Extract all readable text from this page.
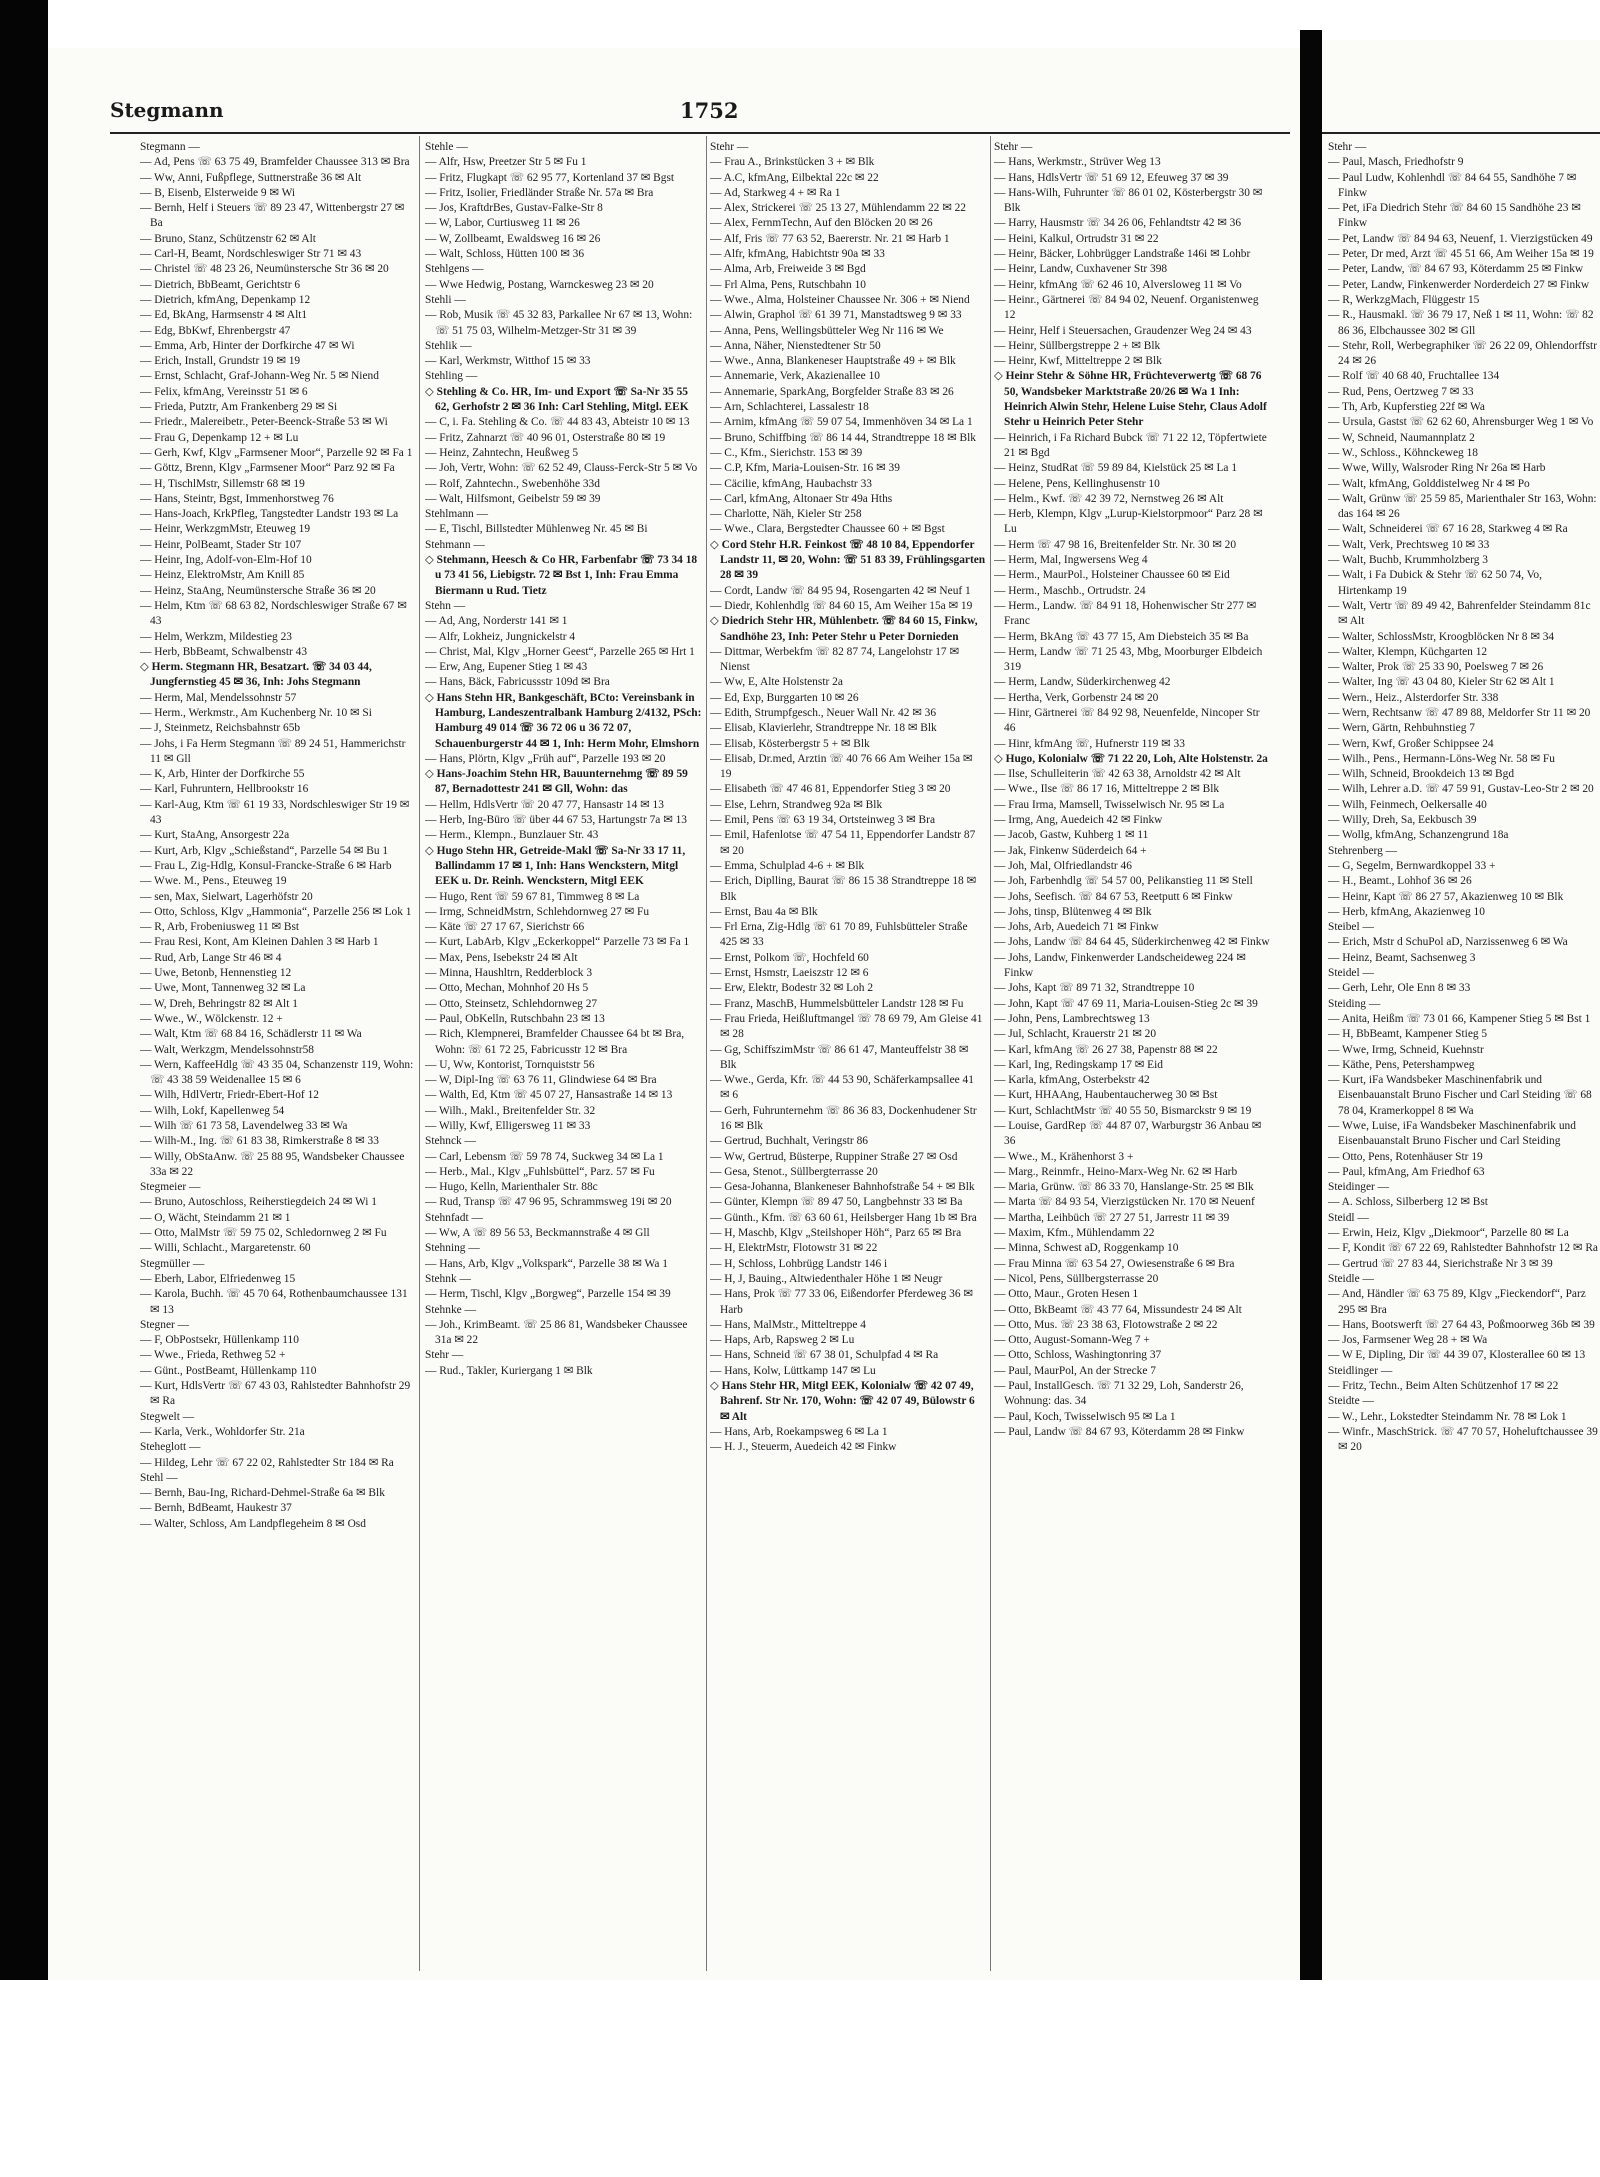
Stehr —
— Paul, Masch, Friedhofstr 9
— Paul Ludw, Kohlenhdl ☏ 84 64 55, Sandhöhe 7 ✉ Finkw
— Pet, iFa Diedrich Stehr ☏ 84 60 15 Sandhöhe 23 ✉ Finkw
— Pet, Landw ☏ 84 94 63, Neuenf, 1. Vierzigstücken 49
— Peter, Dr med, Arzt ☏ 45 51 66, Am Weiher 15a ✉ 19
— Peter, Landw, ☏ 84 67 93, Köterdamm 25 ✉ Finkw
— Peter, Landw, Finkenwerder Norderdeich 27 ✉ Finkw
— R, WerkzgMach, Flüggestr 15
— R., Hausmakl. ☏ 36 79 17, Neß 1 ✉ 11, Wohn: ☏ 82 86 36, Elbchaussee 302 ✉ Gll
— Stehr, Roll, Werbegraphiker ☏ 26 22 09, Ohlendorffstr 24 ✉ 26
— Rolf ☏ 40 68 40, Fruchtallee 134
— Rud, Pens, Oertzweg 7 ✉ 33
— Th, Arb, Kupferstieg 22f ✉ Wa
— Ursula, Gastst ☏ 62 62 60, Ahrensburger Weg 1 ✉ Vo
— W, Schneid, Naumannplatz 2
— W., Schloss., Köhnckeweg 18
— Wwe, Willy, Walsroder Ring Nr 26a ✉ Harb
— Walt, kfmAng, Golddistelweg Nr 4 ✉ Po
— Walt, Grünw ☏ 25 59 85, Marienthaler Str 163, Wohn: das 164 ✉ 26
— Walt, Schneiderei ☏ 67 16 28, Starkweg 4 ✉ Ra
— Walt, Verk, Prechtsweg 10 ✉ 33
— Walt, Buchb, Krummholzberg 3
— Walt, i Fa Dubick & Stehr ☏ 62 50 74, Vo, Hirtenkamp 19
— Walt, Vertr ☏ 89 49 42, Bahrenfelder Steindamm 81c ✉ Alt
— Walter, SchlossMstr, Kroogblöcken Nr 8 ✉ 34
— Walter, Klempn, Küchgarten 12
— Walter, Prok ☏ 25 33 90, Poelsweg 7 ✉ 26
— Walter, Ing ☏ 43 04 80, Kieler Str 62 ✉ Alt 1
— Wern., Heiz., Alsterdorfer Str. 338
— Wern, Rechtsanw ☏ 47 89 88, Meldorfer Str 11 ✉ 20
— Wern, Gärtn, Rehbuhnstieg 7
— Wern, Kwf, Großer Schippsee 24
— Wilh., Pens., Hermann-Löns-Weg Nr. 58 ✉ Fu
— Wilh, Schneid, Brookdeich 13 ✉ Bgd
— Wilh, Lehrer a.D. ☏ 47 59 91, Gustav-Leo-Str 2 ✉ 20
— Wilh, Feinmech, Oelkersalle 40
— Willy, Dreh, Sa, Eekbusch 39
— Wollg, kfmAng, Schanzengrund 18a
Stehrenberg —
— G, Segelm, Bernwardkoppel 33 +
— H., Beamt., Lohhof 36 ✉ 26
— Heinr, Kapt ☏ 86 27 57, Akazienweg 10 ✉ Blk
— Herb, kfmAng, Akazienweg 10
Steibel —
— Erich, Mstr d SchuPol aD, Narzissenweg 6 ✉ Wa
— Heinz, Beamt, Sachsenweg 3
Steidel —
— Gerh, Lehr, Ole Enn 8 ✉ 33
Steiding —
— Anita, Heißm ☏ 73 01 66, Kampener Stieg 5 ✉ Bst 1
— H, BbBeamt, Kampener Stieg 5
— Wwe, Irmg, Schneid, Kuehnstr
— Käthe, Pens, Petershampweg
— Kurt, iFa Wandsbeker Maschinenfabrik und Eisenbauanstalt Bruno Fischer und Carl Steiding ☏ 68 78 04, Kramerkoppel 8 ✉ Wa
— Wwe, Luise, iFa Wandsbeker Maschinenfabrik und Eisenbauanstalt Bruno Fischer und Carl Steiding
— Otto, Pens, Rotenhäuser Str 19
— Paul, kfmAng, Am Friedhof 63
Steidinger —
— A. Schloss, Silberberg 12 ✉ Bst
Steidl —
— Erwin, Heiz, Klgv „Diekmoor“, Parzelle 80 ✉ La
— F, Kondit ☏ 67 22 69, Rahlstedter Bahnhofstr 12 ✉ Ra
— Gertrud ☏ 27 83 44, Sierichstraße Nr 3 ✉ 39
Steidle —
— And, Händler ☏ 63 75 89, Klgv „Fieckendorf“, Parz 295 ✉ Bra
— Hans, Bootswerft ☏ 27 64 43, Poßmoorweg 36b ✉ 39
— Jos, Farmsener Weg 28 + ✉ Wa
— W E, Dipling, Dir ☏ 44 39 07, Klosterallee 60 ✉ 13
Steidlinger —
— Fritz, Techn., Beim Alten Schützenhof 17 ✉ 22
Steidte —
— W., Lehr., Lokstedter Steindamm Nr. 78 ✉ Lok 1
— Winfr., MaschStrick. ☏ 47 70 57, Hoheluftchaussee 39 ✉ 20
Stegmann	1752
Stegmann —
— Ad, Pens ☏ 63 75 49, Bramfelder Chaussee 313 ✉ Bra
— Ww, Anni, Fußpflege, Suttnerstraße 36 ✉ Alt
— B, Eisenb, Elsterweide 9 ✉ Wi
— Bernh, Helf i Steuers ☏ 89 23 47, Wittenbergstr 27 ✉ Ba
— Bruno, Stanz, Schützenstr 62 ✉ Alt
— Carl-H, Beamt, Nordschleswiger Str 71 ✉ 43
— Christel ☏ 48 23 26, Neumünstersche Str 36 ✉ 20
— Dietrich, BbBeamt, Gerichtstr 6
— Dietrich, kfmAng, Depenkamp 12
— Ed, BkAng, Harmsenstr 4 ✉ Alt1
— Edg, BbKwf, Ehrenbergstr 47
— Emma, Arb, Hinter der Dorfkirche 47 ✉ Wi
— Erich, Install, Grundstr 19 ✉ 19
— Ernst, Schlacht, Graf-Johann-Weg Nr. 5 ✉ Niend
— Felix, kfmAng, Vereinsstr 51 ✉ 6
— Frieda, Putztr, Am Frankenberg 29 ✉ Si
— Friedr., Malereibetr., Peter-Beenck-Straße 53 ✉ Wi
— Frau G, Depenkamp 12 + ✉ Lu
— Gerh, Kwf, Klgv „Farmsener Moor“, Parzelle 92 ✉ Fa 1
— Göttz, Brenn, Klgv „Farmsener Moor“ Parz 92 ✉ Fa
— H, TischlMstr, Sillemstr 68 ✉ 19
— Hans, Steintr, Bgst, Immenhorstweg 76
— Hans-Joach, KrkPfleg, Tangstedter Landstr 193 ✉ La
— Heinr, WerkzgmMstr, Eteuweg 19
— Heinr, PolBeamt, Stader Str 107
— Heinr, Ing, Adolf-von-Elm-Hof 10
— Heinz, ElektroMstr, Am Knill 85
— Heinz, StaAng, Neumünstersche Straße 36 ✉ 20
— Helm, Ktm ☏ 68 63 82, Nordschleswiger Straße 67 ✉ 43
— Helm, Werkzm, Mildestieg 23
— Herb, BbBeamt, Schwalbenstr 43
◇ Herm. Stegmann HR, Besatzart. ☏ 34 03 44, Jungfernstieg 45 ✉ 36, Inh: Johs Stegmann
— Herm, Mal, Mendelssohnstr 57
— Herm., Werkmstr., Am Kuchenberg Nr. 10 ✉ Si
— J, Steinmetz, Reichsbahnstr 65b
— Johs, i Fa Herm Stegmann ☏ 89 24 51, Hammerichstr 11 ✉ Gll
— K, Arb, Hinter der Dorfkirche 55
— Karl, Fuhruntern, Hellbrookstr 16
— Karl-Aug, Ktm ☏ 61 19 33, Nordschleswiger Str 19 ✉ 43
— Kurt, StaAng, Ansorgestr 22a
— Kurt, Arb, Klgv „Schießstand“, Parzelle 54 ✉ Bu 1
— Frau L, Zig-Hdlg, Konsul-Francke-Straße 6 ✉ Harb
— Wwe. M., Pens., Eteuweg 19
— sen, Max, Sielwart, Lagerhöfstr 20
— Otto, Schloss, Klgv „Hammonia“, Parzelle 256 ✉ Lok 1
— R, Arb, Frobeniusweg 11 ✉ Bst
— Frau Resi, Kont, Am Kleinen Dahlen 3 ✉ Harb 1
— Rud, Arb, Lange Str 46 ✉ 4
— Uwe, Betonb, Hennenstieg 12
— Uwe, Mont, Tannenweg 32 ✉ La
— W, Dreh, Behringstr 82 ✉ Alt 1
— Wwe., W., Wölckenstr. 12 +
— Walt, Ktm ☏ 68 84 16, Schädlerstr 11 ✉ Wa
— Walt, Werkzgm, Mendelssohnstr58
— Wern, KaffeeHdlg ☏ 43 35 04, Schanzenstr 119, Wohn: ☏ 43 38 59 Weidenallee 15 ✉ 6
— Wilh, HdlVertr, Friedr-Ebert-Hof 12
— Wilh, Lokf, Kapellenweg 54
— Wilh ☏ 61 73 58, Lavendelweg 33 ✉ Wa
— Wilh-M., Ing. ☏ 61 83 38, Rimkerstraße 8 ✉ 33
— Willy, ObStaAnw. ☏ 25 88 95, Wandsbeker Chaussee 33a ✉ 22
Stegmeier —
— Bruno, Autoschloss, Reiherstiegdeich 24 ✉ Wi 1
— O, Wächt, Steindamm 21 ✉ 1
— Otto, MalMstr ☏ 59 75 02, Schledornweg 2 ✉ Fu
— Willi, Schlacht., Margaretenstr. 60
Stegmüller —
— Eberh, Labor, Elfriedenweg 15
— Karola, Buchh. ☏ 45 70 64, Rothenbaumchaussee 131 ✉ 13
Stegner —
— F, ObPostsekr, Hüllenkamp 110
— Wwe., Frieda, Rethweg 52 +
— Günt., PostBeamt, Hüllenkamp 110
— Kurt, HdlsVertr ☏ 67 43 03, Rahlstedter Bahnhofstr 29 ✉ Ra
Stegwelt —
— Karla, Verk., Wohldorfer Str. 21a
Steheglott —
— Hildeg, Lehr ☏ 67 22 02, Rahlstedter Str 184 ✉ Ra
Stehl —
— Bernh, Bau-Ing, Richard-Dehmel-Straße 6a ✉ Blk
— Bernh, BdBeamt, Haukestr 37
— Walter, Schloss, Am Landpflegeheim 8 ✉ Osd
Stehle —
— Alfr, Hsw, Preetzer Str 5 ✉ Fu 1
— Fritz, Flugkapt ☏ 62 95 77, Kortenland 37 ✉ Bgst
— Fritz, Isolier, Friedländer Straße Nr. 57a ✉ Bra
— Jos, KraftdrBes, Gustav-Falke-Str 8
— W, Labor, Curtiusweg 11 ✉ 26
— W, Zollbeamt, Ewaldsweg 16 ✉ 26
— Walt, Schloss, Hütten 100 ✉ 36
Stehlgens —
— Wwe Hedwig, Postang, Warnckesweg 23 ✉ 20
Stehli —
— Rob, Musik ☏ 45 32 83, Parkallee Nr 67 ✉ 13, Wohn: ☏ 51 75 03, Wilhelm-Metzger-Str 31 ✉ 39
Stehlik —
— Karl, Werkmstr, Witthof 15 ✉ 33
Stehling —
◇ Stehling & Co. HR, Im- und Export ☏ Sa-Nr 35 55 62, Gerhofstr 2 ✉ 36 Inh: Carl Stehling, Mitgl. EEK
— C, i. Fa. Stehling & Co. ☏ 44 83 43, Abteistr 10 ✉ 13
— Fritz, Zahnarzt ☏ 40 96 01, Osterstraße 80 ✉ 19
— Heinz, Zahntechn, Heußweg 5
— Joh, Vertr, Wohn: ☏ 62 52 49, Clauss-Ferck-Str 5 ✉ Vo
— Rolf, Zahntechn., Swebenhöhe 33d
— Walt, Hilfsmont, Geibelstr 59 ✉ 39
Stehlmann —
— E, Tischl, Billstedter Mühlenweg Nr. 45 ✉ Bi
Stehmann —
◇ Stehmann, Heesch & Co HR, Farbenfabr ☏ 73 34 18 u 73 41 56, Liebigstr. 72 ✉ Bst 1, Inh: Frau Emma Biermann u Rud. Tietz
Stehn —
— Ad, Ang, Norderstr 141 ✉ 1
— Alfr, Lokheiz, Jungnickelstr 4
— Christ, Mal, Klgv „Horner Geest“, Parzelle 265 ✉ Hrt 1
— Erw, Ang, Eupener Stieg 1 ✉ 43
— Hans, Bäck, Fabricussstr 109d ✉ Bra
◇ Hans Stehn HR, Bankgeschäft, BCto: Vereinsbank in Hamburg, Landeszentralbank Hamburg 2/4132, PSch: Hamburg 49 014 ☏ 36 72 06 u 36 72 07, Schauenburgerstr 44 ✉ 1, Inh: Herm Mohr, Elmshorn
— Hans, Plörtn, Klgv „Früh auf“, Parzelle 193 ✉ 20
◇ Hans-Joachim Stehn HR, Bauunternehmg ☏ 89 59 87, Bernadottestr 241 ✉ Gll, Wohn: das
— Hellm, HdlsVertr ☏ 20 47 77, Hansastr 14 ✉ 13
— Herb, Ing-Büro ☏ über 44 67 53, Hartungstr 7a ✉ 13
— Herm., Klempn., Bunzlauer Str. 43
◇ Hugo Stehn HR, Getreide-Makl ☏ Sa-Nr 33 17 11, Ballindamm 17 ✉ 1, Inh: Hans Wenckstern, Mitgl EEK u. Dr. Reinh. Wenckstern, Mitgl EEK
— Hugo, Rent ☏ 59 67 81, Timmweg 8 ✉ La
— Irmg, SchneidMstrn, Schlehdornweg 27 ✉ Fu
— Käte ☏ 27 17 67, Sierichstr 66
— Kurt, LabArb, Klgv „Eckerkoppel“ Parzelle 73 ✉ Fa 1
— Max, Pens, Isebekstr 24 ✉ Alt
— Minna, Haushltrn, Redderblock 3
— Otto, Mechan, Mohnhof 20 Hs 5
— Otto, Steinsetz, Schlehdornweg 27
— Paul, ObKelln, Rutschbahn 23 ✉ 13
— Rich, Klempnerei, Bramfelder Chaussee 64 bt ✉ Bra, Wohn: ☏ 61 72 25, Fabricusstr 12 ✉ Bra
— U, Ww, Kontorist, Tornquiststr 56
— W, Dipl-Ing ☏ 63 76 11, Glindwiese 64 ✉ Bra
— Walth, Ed, Ktm ☏ 45 07 27, Hansastraße 14 ✉ 13
— Wilh., Makl., Breitenfelder Str. 32
— Willy, Kwf, Elligersweg 11 ✉ 33
Stehnck —
— Carl, Lebensm ☏ 59 78 74, Suckweg 34 ✉ La 1
— Herb., Mal., Klgv „Fuhlsbüttel“, Parz. 57 ✉ Fu
— Hugo, Kelln, Marienthaler Str. 88c
— Rud, Transp ☏ 47 96 95, Schrammsweg 19i ✉ 20
Stehnfadt —
— Ww, A ☏ 89 56 53, Beckmannstraße 4 ✉ Gll
Stehning —
— Hans, Arb, Klgv „Volkspark“, Parzelle 38 ✉ Wa 1
Stehnk —
— Herm, Tischl, Klgv „Borgweg“, Parzelle 154 ✉ 39
Stehnke —
— Joh., KrimBeamt. ☏ 25 86 81, Wandsbeker Chaussee 31a ✉ 22
Stehr —
— Rud., Takler, Kuriergang 1 ✉ Blk
Stehr —
— Frau A., Brinkstücken 3 + ✉ Blk
— A.C, kfmAng, Eilbektal 22c ✉ 22
— Ad, Starkweg 4 + ✉ Ra 1
— Alex, Strickerei ☏ 25 13 27, Mühlendamm 22 ✉ 22
— Alex, FernmTechn, Auf den Blöcken 20 ✉ 26
— Alf, Fris ☏ 77 63 52, Baererstr. Nr. 21 ✉ Harb 1
— Alfr, kfmAng, Habichtstr 90a ✉ 33
— Alma, Arb, Freiweide 3 ✉ Bgd
— Frl Alma, Pens, Rutschbahn 10
— Wwe., Alma, Holsteiner Chaussee Nr. 306 + ✉ Niend
— Alwin, Graphol ☏ 61 39 71, Manstadtsweg 9 ✉ 33
— Anna, Pens, Wellingsbütteler Weg Nr 116 ✉ We
— Anna, Näher, Nienstedtener Str 50
— Wwe., Anna, Blankeneser Hauptstraße 49 + ✉ Blk
— Annemarie, Verk, Akazienallee 10
— Annemarie, SparkAng, Borgfelder Straße 83 ✉ 26
— Arn, Schlachterei, Lassalestr 18
— Arnim, kfmAng ☏ 59 07 54, Immenhöven 34 ✉ La 1
— Bruno, Schiffbing ☏ 86 14 44, Strandtreppe 18 ✉ Blk
— C., Kfm., Sierichstr. 153 ✉ 39
— C.P, Kfm, Maria-Louisen-Str. 16 ✉ 39
— Cäcilie, kfmAng, Haubachstr 33
— Carl, kfmAng, Altonaer Str 49a Hths
— Charlotte, Näh, Kieler Str 258
— Wwe., Clara, Bergstedter Chaussee 60 + ✉ Bgst
◇ Cord Stehr H.R. Feinkost ☏ 48 10 84, Eppendorfer Landstr 11, ✉ 20, Wohn: ☏ 51 83 39, Frühlingsgarten 28 ✉ 39
— Cordt, Landw ☏ 84 95 94, Rosengarten 42 ✉ Neuf 1
— Diedr, Kohlenhdlg ☏ 84 60 15, Am Weiher 15a ✉ 19
◇ Diedrich Stehr HR, Mühlenbetr. ☏ 84 60 15, Finkw, Sandhöhe 23, Inh: Peter Stehr u Peter Dornieden
— Dittmar, Werbekfm ☏ 82 87 74, Langelohstr 17 ✉ Nienst
— Ww, E, Alte Holstenstr 2a
— Ed, Exp, Burggarten 10 ✉ 26
— Edith, Strumpfgesch., Neuer Wall Nr. 42 ✉ 36
— Elisab, Klavierlehr, Strandtreppe Nr. 18 ✉ Blk
— Elisab, Kösterbergstr 5 + ✉ Blk
— Elisab, Dr.med, Arztin ☏ 40 76 66 Am Weiher 15a ✉ 19
— Elisabeth ☏ 47 46 81, Eppendorfer Stieg 3 ✉ 20
— Else, Lehrn, Strandweg 92a ✉ Blk
— Emil, Pens ☏ 63 19 34, Ortsteinweg 3 ✉ Bra
— Emil, Hafenlotse ☏ 47 54 11, Eppendorfer Landstr 87 ✉ 20
— Emma, Schulplad 4-6 + ✉ Blk
— Erich, Diplling, Baurat ☏ 86 15 38 Strandtreppe 18 ✉ Blk
— Ernst, Bau 4a ✉ Blk
— Frl Erna, Zig-Hdlg ☏ 61 70 89, Fuhlsbütteler Straße 425 ✉ 33
— Ernst, Polkom ☏, Hochfeld 60
— Ernst, Hsmstr, Laeiszstr 12 ✉ 6
— Erw, Elektr, Bodestr 32 ✉ Loh 2
— Franz, MaschB, Hummelsbütteler Landstr 128 ✉ Fu
— Frau Frieda, Heißluftmangel ☏ 78 69 79, Am Gleise 41 ✉ 28
— Gg, SchiffszimMstr ☏ 86 61 47, Manteuffelstr 38 ✉ Blk
— Wwe., Gerda, Kfr. ☏ 44 53 90, Schäferkampsallee 41 ✉ 6
— Gerh, Fuhrunternehm ☏ 86 36 83, Dockenhudener Str 16 ✉ Blk
— Gertrud, Buchhalt, Veringstr 86
— Ww, Gertrud, Büsterpe, Ruppiner Straße 27 ✉ Osd
— Gesa, Stenot., Süllbergterrasse 20
— Gesa-Johanna, Blankeneser Bahnhofstraße 54 + ✉ Blk
— Günter, Klempn ☏ 89 47 50, Langbehnstr 33 ✉ Ba
— Günth., Kfm. ☏ 63 60 61, Heilsberger Hang 1b ✉ Bra
— H, Maschb, Klgv „Steilshoper Höh“, Parz 65 ✉ Bra
— H, ElektrMstr, Flotowstr 31 ✉ 22
— H, Schloss, Lohbrügg Landstr 146 i
— H, J, Bauing., Altwiedenthaler Höhe 1 ✉ Neugr
— Hans, Prok ☏ 77 33 06, Eißendorfer Pferdeweg 36 ✉ Harb
— Hans, MalMstr., Mitteltreppe 4
— Haps, Arb, Rapsweg 2 ✉ Lu
— Hans, Schneid ☏ 67 38 01, Schulpfad 4 ✉ Ra
— Hans, Kolw, Lüttkamp 147 ✉ Lu
◇ Hans Stehr HR, Mitgl EEK, Kolonialw ☏ 42 07 49, Bahrenf. Str Nr. 170, Wohn: ☏ 42 07 49, Bülowstr 6 ✉ Alt
— Hans, Arb, Roekampsweg 6 ✉ La 1
— H. J., Steuerm, Auedeich 42 ✉ Finkw
Stehr —
— Hans, Werkmstr., Strüver Weg 13
— Hans, HdlsVertr ☏ 51 69 12, Efeuweg 37 ✉ 39
— Hans-Wilh, Fuhrunter ☏ 86 01 02, Kösterbergstr 30 ✉ Blk
— Harry, Hausmstr ☏ 34 26 06, Fehlandtstr 42 ✉ 36
— Heini, Kalkul, Ortrudstr 31 ✉ 22
— Heinr, Bäcker, Lohbrügger Landstraße 146i ✉ Lohbr
— Heinr, Landw, Cuxhavener Str 398
— Heinr, kfmAng ☏ 62 46 10, Alversloweg 11 ✉ Vo
— Heinr., Gärtnerei ☏ 84 94 02, Neuenf. Organistenweg 12
— Heinr, Helf i Steuersachen, Graudenzer Weg 24 ✉ 43
— Heinr, Süllbergstreppe 2 + ✉ Blk
— Heinr, Kwf, Mitteltreppe 2 ✉ Blk
◇ Heinr Stehr & Söhne HR, Früchteverwertg ☏ 68 76 50, Wandsbeker Marktstraße 20/26 ✉ Wa 1 Inh: Heinrich Alwin Stehr, Helene Luise Stehr, Claus Adolf Stehr u Heinrich Peter Stehr
— Heinrich, i Fa Richard Bubck ☏ 71 22 12, Töpfertwiete 21 ✉ Bgd
— Heinz, StudRat ☏ 59 89 84, Kielstück 25 ✉ La 1
— Helene, Pens, Kellinghusenstr 10
— Helm., Kwf. ☏ 42 39 72, Nernstweg 26 ✉ Alt
— Herb, Klempn, Klgv „Lurup-Kielstorpmoor“ Parz 28 ✉ Lu
— Herm ☏ 47 98 16, Breitenfelder Str. Nr. 30 ✉ 20
— Herm, Mal, Ingwersens Weg 4
— Herm., MaurPol., Holsteiner Chaussee 60 ✉ Eid
— Herm., Maschb., Ortrudstr. 24
— Herm., Landw. ☏ 84 91 18, Hohenwischer Str 277 ✉ Franc
— Herm, BkAng ☏ 43 77 15, Am Diebsteich 35 ✉ Ba
— Herm, Landw ☏ 71 25 43, Mbg, Moorburger Elbdeich 319
— Herm, Landw, Süderkirchenweg 42
— Hertha, Verk, Gorbenstr 24 ✉ 20
— Hinr, Gärtnerei ☏ 84 92 98, Neuenfelde, Nincoper Str 46
— Hinr, kfmAng ☏, Hufnerstr 119 ✉ 33
◇ Hugo, Kolonialw ☏ 71 22 20, Loh, Alte Holstenstr. 2a
— Ilse, Schulleiterin ☏ 42 63 38, Arnoldstr 42 ✉ Alt
— Wwe., Ilse ☏ 86 17 16, Mitteltreppe 2 ✉ Blk
— Frau Irma, Mamsell, Twisselwisch Nr. 95 ✉ La
— Irmg, Ang, Auedeich 42 ✉ Finkw
— Jacob, Gastw, Kuhberg 1 ✉ 11
— Jak, Finkenw Süderdeich 64 +
— Joh, Mal, Olfriedlandstr 46
— Joh, Farbenhdlg ☏ 54 57 00, Pelikanstieg 11 ✉ Stell
— Johs, Seefisch. ☏ 84 67 53, Reetputt 6 ✉ Finkw
— Johs, tinsp, Blütenweg 4 ✉ Blk
— Johs, Arb, Auedeich 71 ✉ Finkw
— Johs, Landw ☏ 84 64 45, Süderkirchenweg 42 ✉ Finkw
— Johs, Landw, Finkenwerder Landscheideweg 224 ✉ Finkw
— Johs, Kapt ☏ 89 71 32, Strandtreppe 10
— John, Kapt ☏ 47 69 11, Maria-Louisen-Stieg 2c ✉ 39
— John, Pens, Lambrechtsweg 13
— Jul, Schlacht, Krauerstr 21 ✉ 20
— Karl, kfmAng ☏ 26 27 38, Papenstr 88 ✉ 22
— Karl, Ing, Redingskamp 17 ✉ Eid
— Karla, kfmAng, Osterbekstr 42
— Kurt, HHAAng, Haubentaucherweg 30 ✉ Bst
— Kurt, SchlachtMstr ☏ 40 55 50, Bismarckstr 9 ✉ 19
— Louise, GardRep ☏ 44 87 07, Warburgstr 36 Anbau ✉ 36
— Wwe., M., Krähenhorst 3 +
— Marg., Reinmfr., Heino-Marx-Weg Nr. 62 ✉ Harb
— Maria, Grünw. ☏ 86 33 70, Hanslange-Str. 25 ✉ Blk
— Marta ☏ 84 93 54, Vierzigstücken Nr. 170 ✉ Neuenf
— Martha, Leihbüch ☏ 27 27 51, Jarrestr 11 ✉ 39
— Maxim, Kfm., Mühlendamm 22
— Minna, Schwest aD, Roggenkamp 10
— Frau Minna ☏ 63 54 27, Owiesenstraße 6 ✉ Bra
— Nicol, Pens, Süllbergsterrasse 20
— Otto, Maur., Groten Hesen 1
— Otto, BkBeamt ☏ 43 77 64, Missundestr 24 ✉ Alt
— Otto, Mus. ☏ 23 38 63, Flotowstraße 2 ✉ 22
— Otto, August-Somann-Weg 7 +
— Otto, Schloss, Washingtonring 37
— Paul, MaurPol, An der Strecke 7
— Paul, InstallGesch. ☏ 71 32 29, Loh, Sanderstr 26, Wohnung: das. 34
— Paul, Koch, Twisselwisch 95 ✉ La 1
— Paul, Landw ☏ 84 67 93, Köterdamm 28 ✉ Finkw
